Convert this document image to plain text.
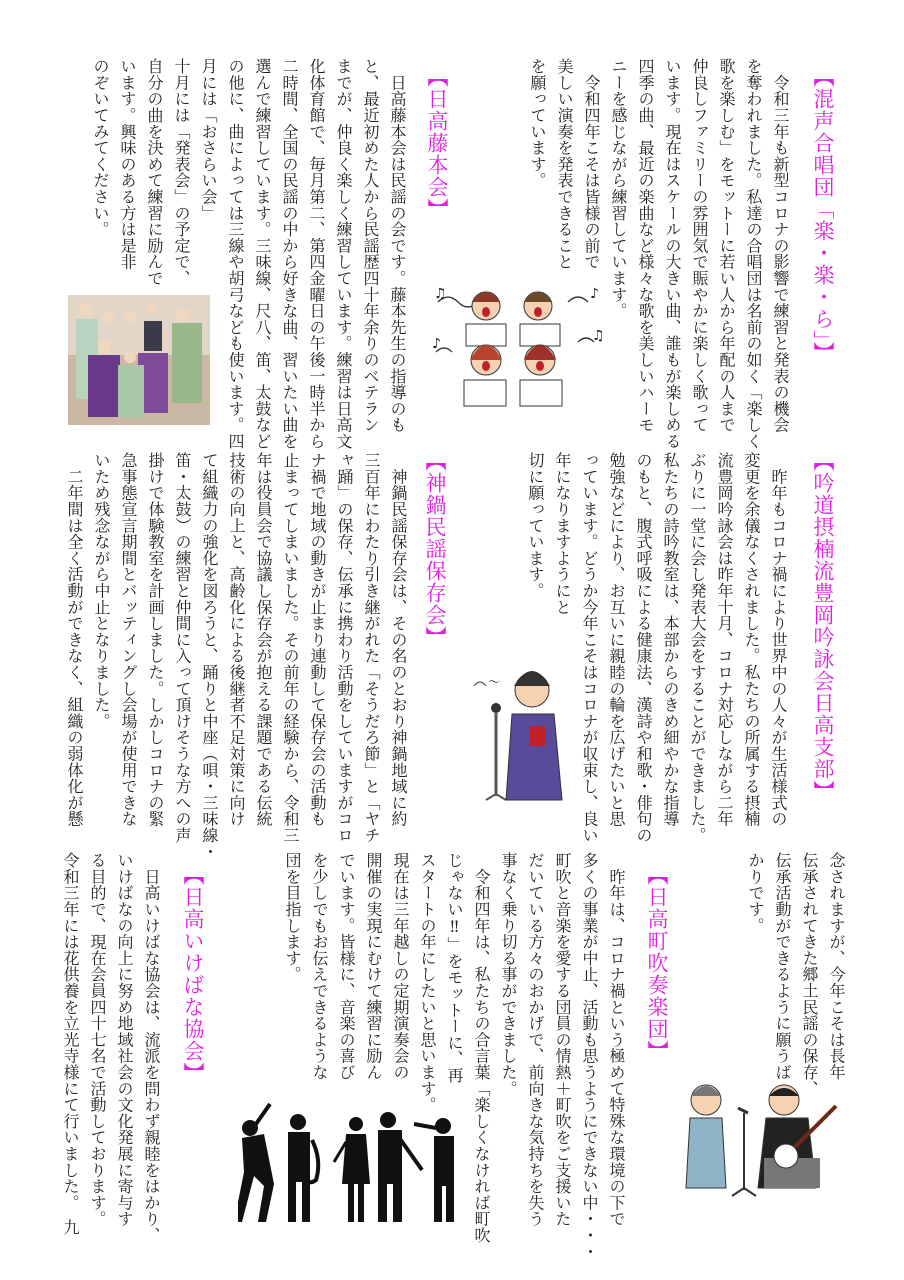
【混声合唱団「楽・楽・ら」】
　令和三年も新型コロナの影響で練習と発表の機会
を奪われました。私達の合唱団は名前の如く「楽しく
歌を楽しむ」をモットーに若い人から年配の人まで
仲良しファミリーの雰囲気で賑やかに楽しく歌って
います。現在はスケールの大きい曲、誰もが楽しめる
四季の曲、最近の楽曲など様々な歌を美しいハーモ
ニーを感じながら練習しています。
　令和四年こそは皆様の前で
美しい演奏を発表できること
を願っています。
【日高藤本会】
　日高藤本会は民謡の会です。藤本先生の指導のも
と、最近初めた人から民謡歴四十年余りのベテラン
までが、仲良く楽しく練習しています。練習は日高文
化体育館で、毎月第二、第四金曜日の午後一時半から
二時間、全国の民謡の中から好きな曲、習いたい曲を
選んで練習しています。三味線、尺八、笛、太鼓など
の他に、曲によっては三線や胡弓なども使います。四
月には「おさらい会」
十月には「発表会」の予定で、
自分の曲を決めて練習に励んで
います。興味のある方は是非
のぞいてみてください。
【吟道摂楠流豊岡吟詠会日高支部】
　昨年もコロナ禍により世界中の人々が生活様式の
変更を余儀なくされました。私たちの所属する摂楠
流豊岡吟詠会は昨年十月、コロナ対応しながら二年
ぶりに一堂に会し発表大会をすることができました。
私たちの詩吟教室は、本部からのきめ細やかな指導
のもと、腹式呼吸による健康法、漢詩や和歌・俳句の
勉強などにより、お互いに親睦の輪を広げたいと思
っています。どうか今年こそはコロナが収束し、良い
年になりますようにと
切に願っています。
【神鍋民謡保存会】
　神鍋民謡保存会は、その名のとおり神鍋地域に約
三百年にわたり引き継がれた「そうだろ節」と「ヤチ
ャ踊」の保存、伝承に携わり活動をしていますがコロ
ナ禍で地域の動きが止まり連動して保存会の活動も
止まってしまいました。その前年の経験から、令和三
年は役員会で協議し保存会が抱える課題である伝統
技術の向上と、高齢化による後継者不足対策に向け
て組織力の強化を図ろうと、踊りと中座（唄・三味線・
笛・太鼓）の練習と仲間に入って頂けそうな方への声
掛けで体験教室を計画しました。しかしコロナの緊
急事態宣言期間とバッティングし会場が使用できな
いため残念ながら中止となりました。
　二年間は全く活動ができなく、組織の弱体化が懸
念されますが、今年こそは長年
伝承されてきた郷土民謡の保存、
伝承活動ができるように願うば
かりです。
【日高町吹奏楽団】
　昨年は、コロナ禍という極めて特殊な環境の下で
多くの事業が中止、活動も思うようにできない中・・・
町吹と音楽を愛する団員の情熱＋町吹をご支援いた
だいている方々のおかげで、前向きな気持ちを失う
事なく乗り切る事ができました。
　令和四年は、私たちの合言葉「楽しくなければ町吹
じゃない‼」をモットーに、再
スタートの年にしたいと思います。
現在は三年越しの定期演奏会の
開催の実現にむけて練習に励ん
でいます。皆様に、音楽の喜び
を少しでもお伝えできるような
団を目指します。
【日高いけばな協会】
　日高いけばな協会は、流派を問わず親睦をはかり、
いけばなの向上に努め地域社会の文化発展に寄与す
る目的で、現在会員四十七名で活動しております。
令和三年には花供養を立光寺様にて行いました。　九
♫	♪
♪	♫
〜
